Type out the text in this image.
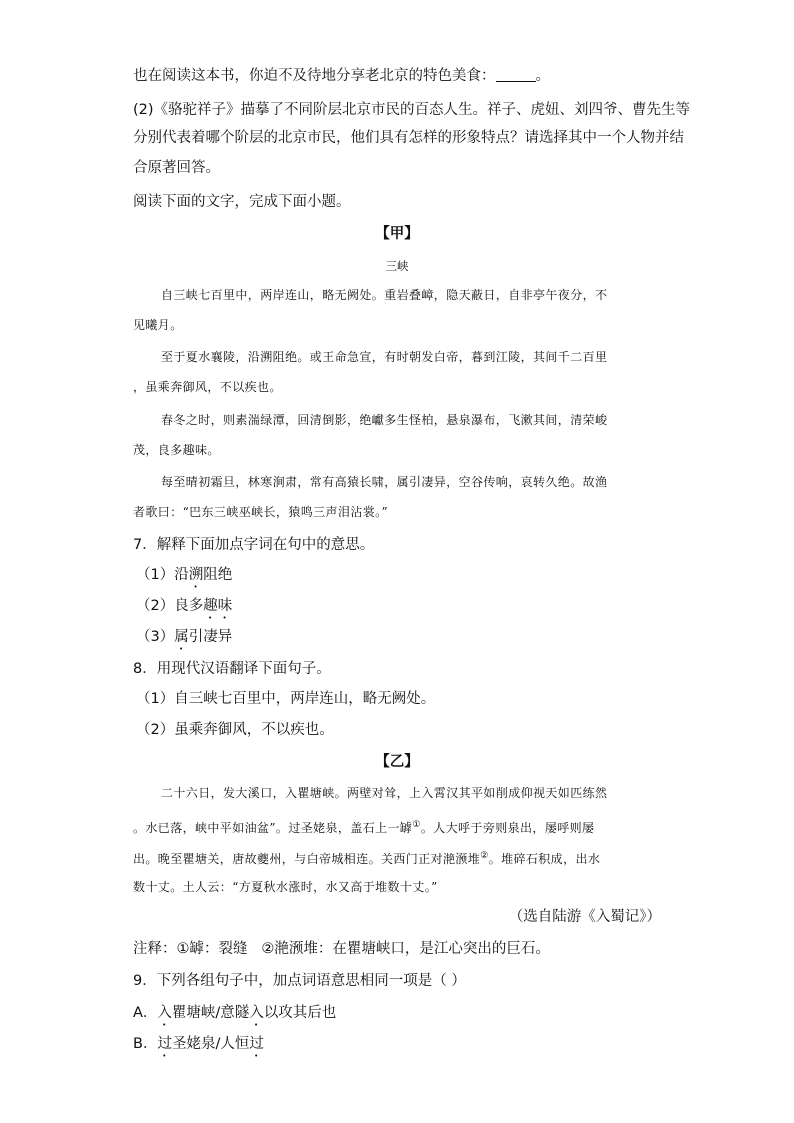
也在阅读这本书，你迫不及待地分享老北京的特色美食：	。
(2)《骆驼祥子》描摹了不同阶层北京市民的百态人生。祥子、虎妞、刘四爷、曹先生等
分别代表着哪个阶层的北京市民，他们具有怎样的形象特点？请选择其中一个人物并结
合原著回答。
阅读下面的文字，完成下面小题。
【甲】
三峡
自三峡七百里中，两岸连山，略无阙处。重岩叠嶂，隐天蔽日，自非亭午夜分，不
见曦月。
至于夏水襄陵，沿溯阻绝。或王命急宣，有时朝发白帝，暮到江陵，其间千二百里
，虽乘奔御风，不以疾也。
春冬之时，则素湍绿潭，回清倒影，绝巘多生怪柏，悬泉瀑布，飞漱其间，清荣峻
茂，良多趣味。
每至晴初霜旦，林寒涧肃，常有高猿长啸，属引凄异，空谷传响，哀转久绝。故渔
者歌曰：“巴东三峡巫峡长，猿鸣三声泪沾裳。”
7．解释下面加点字词在句中的意思。
（1）沿溯阻绝
（2）良多趣味
（3）属引凄异
8．用现代汉语翻译下面句子。
（1）自三峡七百里中，两岸连山，略无阙处。
（2）虽乘奔御风，不以疾也。
【乙】
二十六日，发大溪口，入瞿塘峡。两壁对耸，上入霄汉其平如削成仰视天如匹练然
。水已落，峡中平如油盆”。过圣姥泉，盖石上一罅①。人大呼于旁则泉出，屡呼则屡
出。晚至瞿塘关，唐故夔州，与白帝城相连。关西门正对滟滪堆②。堆碎石积成，出水
数十丈。土人云：“方夏秋水涨时，水又高于堆数十丈。”
（选自陆游《入蜀记》）
注释：①罅：裂缝 ②滟滪堆：在瞿塘峡口，是江心突出的巨石。
9．下列各组句子中，加点词语意思相同一项是（ ）
A．入瞿塘峡/意隧入以攻其后也
B．过圣姥泉/人恒过
